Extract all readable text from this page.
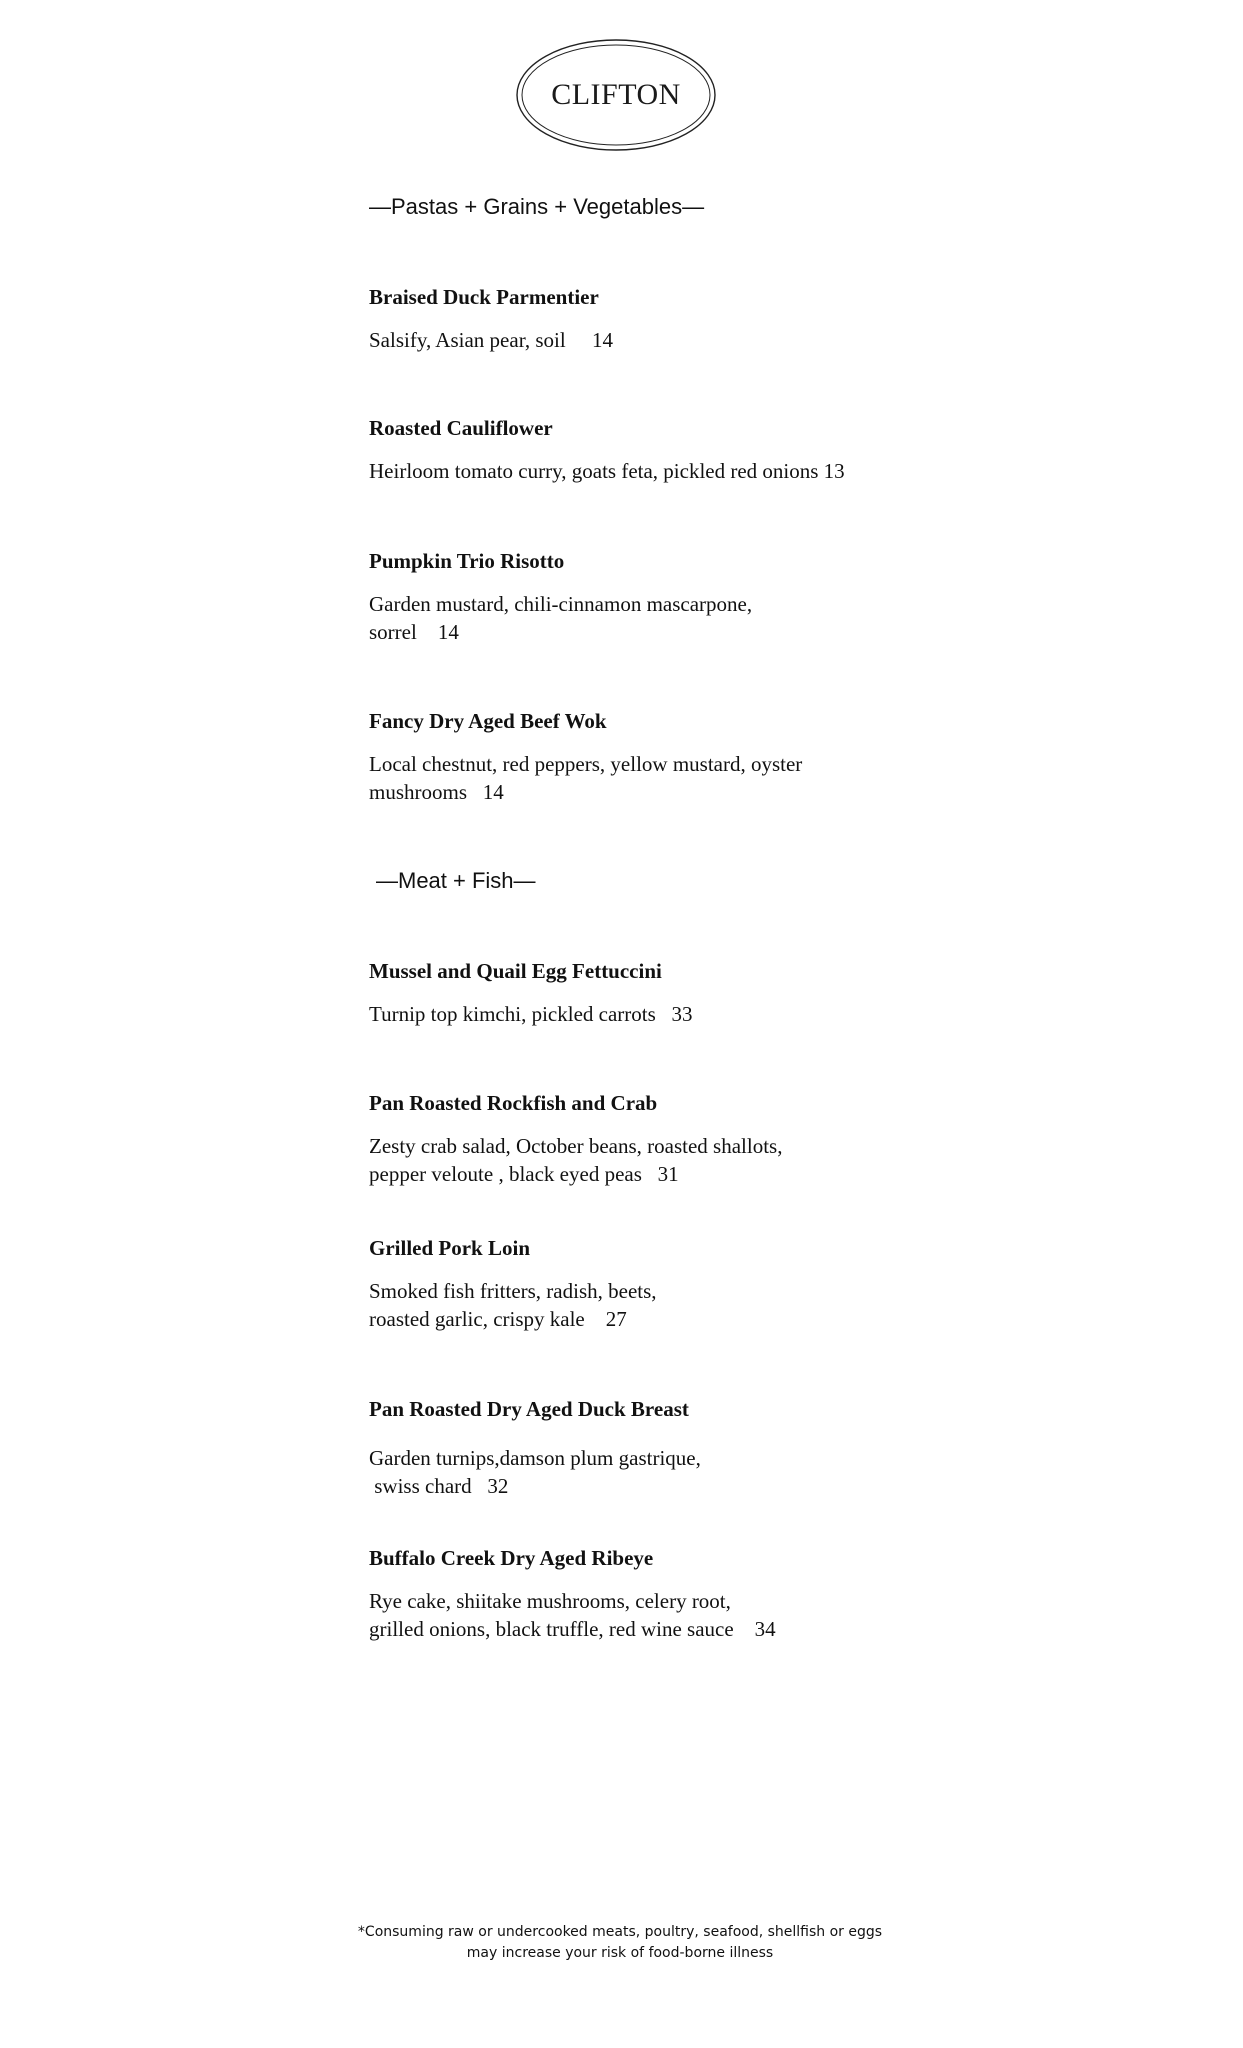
CLIFTON
—Pastas + Grains + Vegetables—
Braised Duck Parmentier
Salsify, Asian pear, soil     14
Roasted Cauliflower
Heirloom tomato curry, goats feta, pickled red onions 13
Pumpkin Trio Risotto
Garden mustard, chili-cinnamon mascarpone,
sorrel    14
Fancy Dry Aged Beef Wok
Local chestnut, red peppers, yellow mustard, oyster
mushrooms   14
—Meat + Fish—
Mussel and Quail Egg Fettuccini
Turnip top kimchi, pickled carrots   33
Pan Roasted Rockfish and Crab
Zesty crab salad, October beans, roasted shallots,
pepper veloute , black eyed peas   31
Grilled Pork Loin
Smoked fish fritters, radish, beets,
roasted garlic, crispy kale    27
Pan Roasted Dry Aged Duck Breast
Garden turnips,damson plum gastrique,
swiss chard   32
Buffalo Creek Dry Aged Ribeye
Rye cake, shiitake mushrooms, celery root,
grilled onions, black truffle, red wine sauce    34
*Consuming raw or undercooked meats, poultry, seafood, shellfish or eggs
may increase your risk of food-borne illness
